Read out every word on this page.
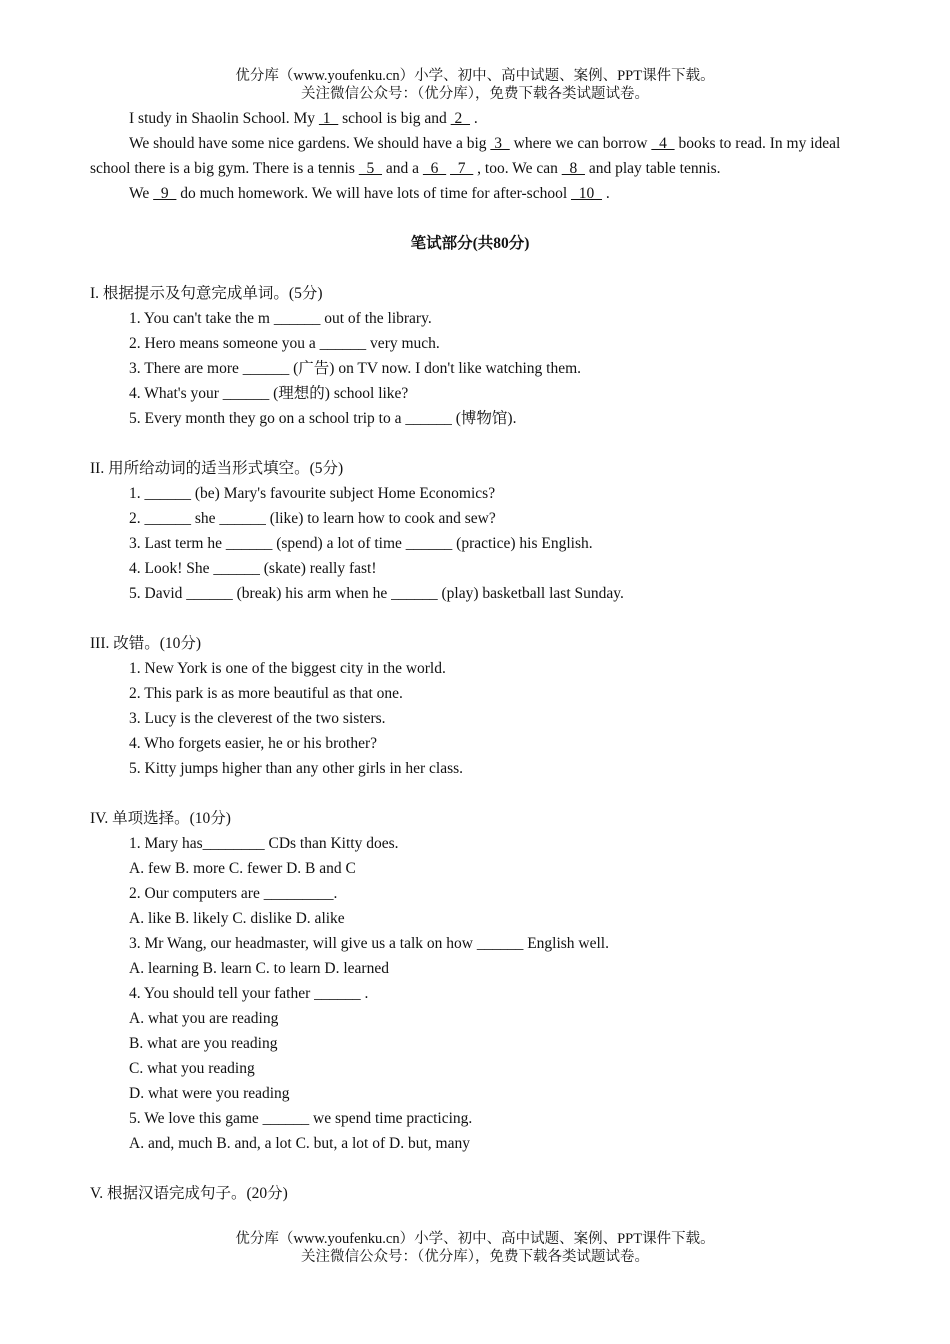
优分库（www.youfenku.cn）小学、初中、高中试题、案例、PPT课件下载。
关注微信公众号：（优分库），免费下载各类试题试卷。

I study in Shaolin School. My  1   school is big and  2   .

We should have some nice gardens. We should have a big  3   where we can borrow   4   books to read. In my ideal school there is a big gym. There is a tennis   5   and a   6     7   , too. We can   8   and play table tennis.

We   9   do much homework. We will have lots of time for after-school   10   .

笔试部分(共80分)

I. 根据提示及句意完成单词。(5分)

1. You can't take the m ______ out of the library.

2. Hero means someone you a ______ very much.

3. There are more ______ (广告) on TV now. I don't like watching them.

4. What's your ______ (理想的) school like?

5. Every month they go on a school trip to a ______ (博物馆).

II. 用所给动词的适当形式填空。(5分)

1. ______ (be) Mary's favourite subject Home Economics?

2. ______ she ______ (like) to learn how to cook and sew?

3. Last term he ______ (spend) a lot of time ______ (practice) his English.

4. Look! She ______ (skate) really fast!

5. David ______ (break) his arm when he ______ (play) basketball last Sunday.

III. 改错。(10分)

1. New York is one of the biggest city in the world.

2. This park is as more beautiful as that one.

3. Lucy is the cleverest of the two sisters.

4. Who forgets easier, he or his brother?

5. Kitty jumps higher than any other girls in her class.

IV. 单项选择。(10分)

1. Mary has________ CDs than Kitty does.

A. few B. more C. fewer D. B and C

2. Our computers are _________.

A. like B. likely C. dislike D. alike

3. Mr Wang, our headmaster, will give us a talk on how ______ English well.

A. learning B. learn C. to learn D. learned

4. You should tell your father ______ .

A. what you are reading

B. what are you reading

C. what you reading

D. what were you reading

5. We love this game ______ we spend time practicing.

A. and, much B. and, a lot C. but, a lot of D. but, many

V. 根据汉语完成句子。(20分)

优分库（www.youfenku.cn）小学、初中、高中试题、案例、PPT课件下载。
关注微信公众号：（优分库），免费下载各类试题试卷。
